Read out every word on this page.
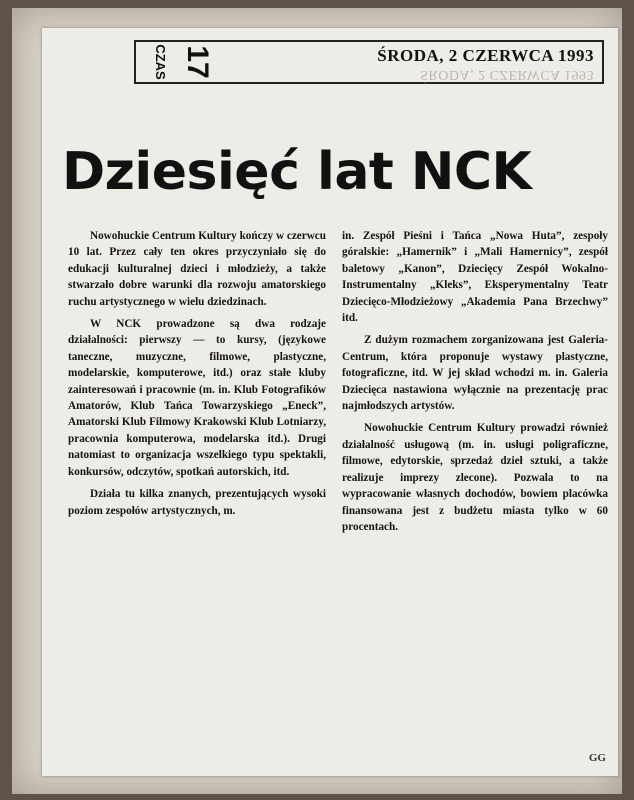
CZAS 17	ŚRODA, 2 CZERWCA 1993
ŚRODA, 2 CZERWCA 1993
Dziesięć lat NCK

Nowohuckie Centrum Kultury kończy w czerwcu 10 lat. Przez cały ten okres przyczyniało się do edukacji kulturalnej dzieci i młodzieży, a także stwarzało dobre warunki dla rozwoju amatorskiego ruchu artystycznego w wielu dziedzinach.

W NCK prowadzone są dwa rodzaje działalności: pierwszy — to kursy, (językowe taneczne, muzyczne, filmowe, plastyczne, modelarskie, komputerowe, itd.) oraz stałe kluby zainteresowań i pracownie (m. in. Klub Fotografików Amatorów, Klub Tańca Towarzyskiego „Eneck”, Amatorski Klub Filmowy Krakowski Klub Lotniarzy, pracownia komputerowa, modelarska itd.). Drugi natomiast to organizacja wszelkiego typu spektakli, konkursów, odczytów, spotkań autorskich, itd.

Działa tu kilka znanych, prezentujących wysoki poziom zespołów artystycznych, m.

in. Zespół Pieśni i Tańca „Nowa Huta”, zespoły góralskie: „Hamernik” i „Mali Hamernicy”, zespół baletowy „Kanon”, Dziecięcy Zespół Wokalno-Instrumentalny „Kleks”, Eksperymentalny Teatr Dziecięco-Młodzieżowy „Akademia Pana Brzechwy” itd.

Z dużym rozmachem zorganizowana jest Galeria-Centrum, która proponuje wystawy plastyczne, fotograficzne, itd. W jej skład wchodzi m. in. Galeria Dziecięca nastawiona wyłącznie na prezentację prac najmłodszych artystów.

Nowohuckie Centrum Kultury prowadzi również działalność usługową (m. in. usługi poligraficzne, filmowe, edytorskie, sprzedaż dzieł sztuki, a także realizuje imprezy zlecone). Pozwala to na wypracowanie własnych dochodów, bowiem placówka finansowana jest z budżetu miasta tylko w 60 procentach.

GG
